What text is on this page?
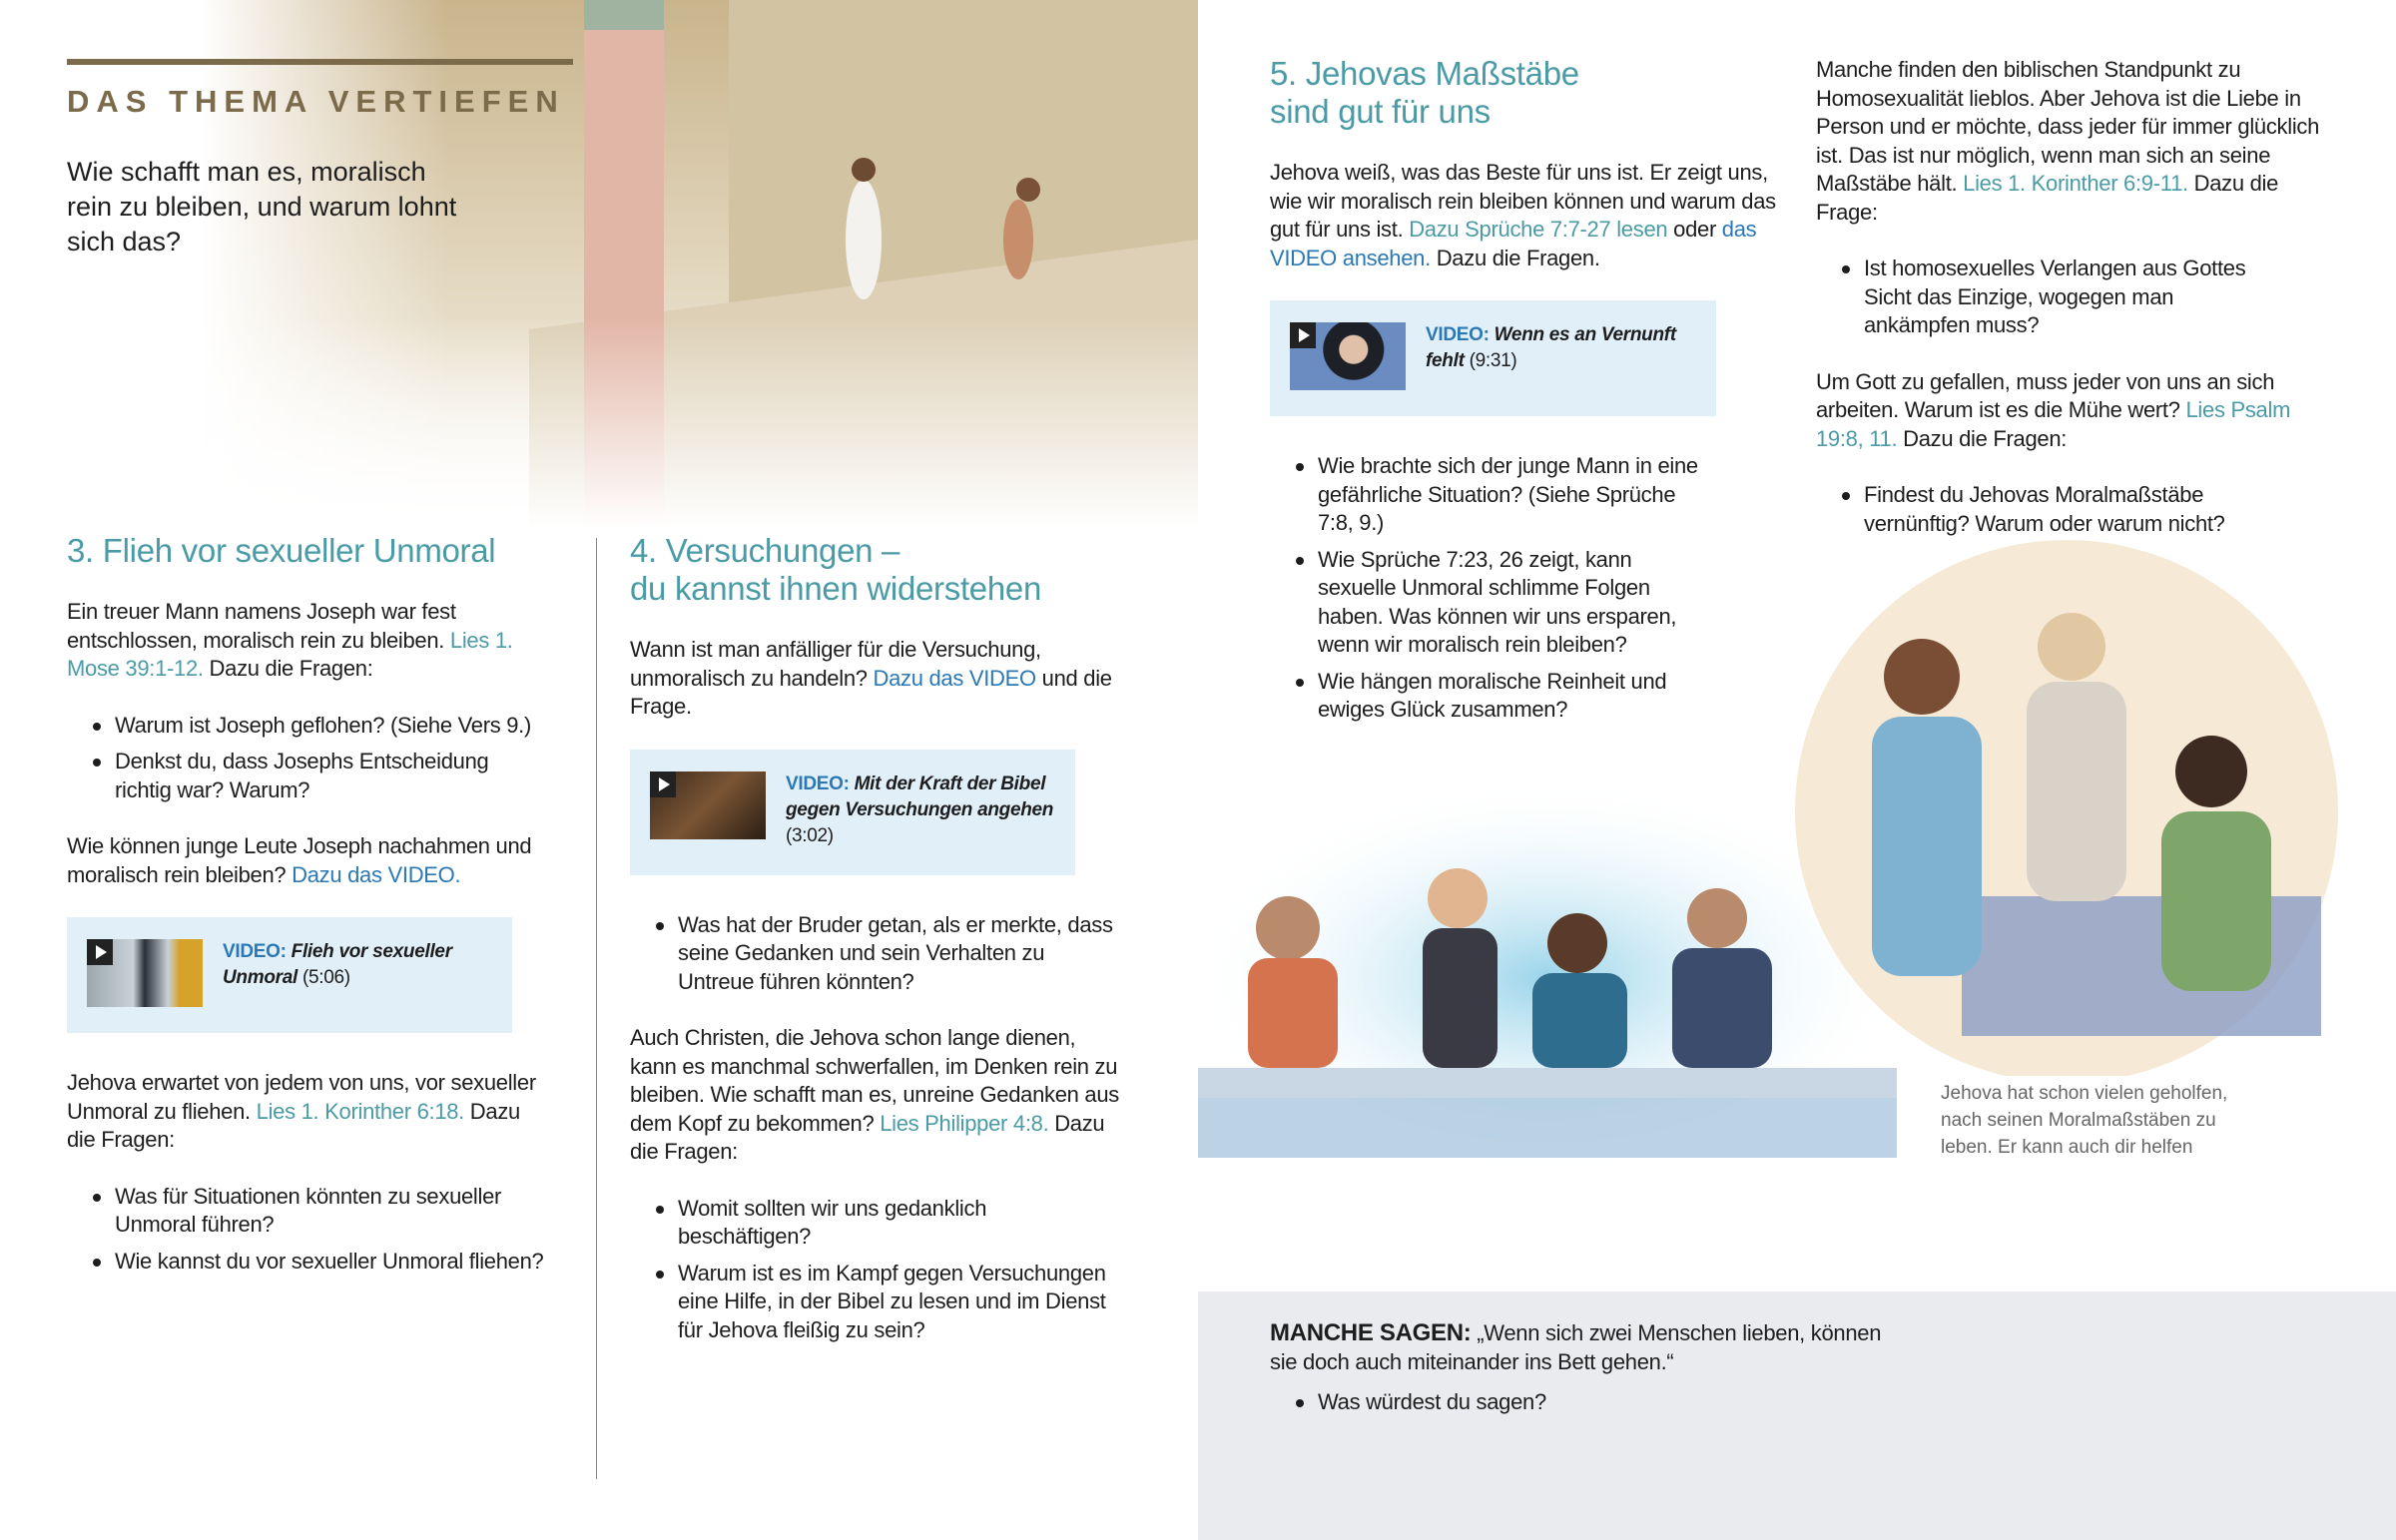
DAS THEMA VERTIEFEN
Wie schafft man es, moralisch rein zu bleiben, und warum lohnt sich das?
3. Flieh vor sexueller Unmoral

Ein treuer Mann namens Joseph war fest entschlossen, moralisch rein zu bleiben. Lies 1. Mose 39:1-12. Dazu die Fragen:

Warum ist Joseph geflohen? (Siehe Vers 9.)
Denkst du, dass Josephs Entscheidung richtig war? Warum?

Wie können junge Leute Joseph nachahmen und moralisch rein bleiben? Dazu das VIDEO.

VIDEO: Flieh vor sexueller Unmoral (5:06)

Jehova erwartet von jedem von uns, vor sexueller Unmoral zu fliehen. Lies 1. Korinther 6:18. Dazu die Fragen:

Was für Situationen könnten zu sexueller Unmoral führen?
Wie kannst du vor sexueller Unmoral fliehen?
4. Versuchungen –
du kannst ihnen widerstehen

Wann ist man anfälliger für die Versuchung, unmoralisch zu handeln? Dazu das VIDEO und die Frage.

VIDEO: Mit der Kraft der Bibel gegen Versuchungen angehen (3:02)
Was hat der Bruder getan, als er merkte, dass seine Gedanken und sein Verhalten zu Untreue führen könnten?

Auch Christen, die Jehova schon lange dienen, kann es manchmal schwerfallen, im Denken rein zu bleiben. Wie schafft man es, unreine Gedanken aus dem Kopf zu bekommen? Lies Philipper 4:8. Dazu die Fragen:

Womit sollten wir uns gedanklich beschäftigen?
Warum ist es im Kampf gegen Versuchungen eine Hilfe, in der Bibel zu lesen und im Dienst für Jehova fleißig zu sein?	MANCHE SAGEN: „Wenn sich zwei Menschen lieben, können sie doch auch miteinander ins Bett gehen.“

Was würdest du sagen?
Jehova hat schon vielen geholfen, nach seinen Moralmaßstäben zu leben. Er kann auch dir helfen
5. Jehovas Maßstäbe
sind gut für uns

Jehova weiß, was das Beste für uns ist. Er zeigt uns, wie wir moralisch rein bleiben können und warum das gut für uns ist. Dazu Sprüche 7:7-27 lesen oder das VIDEO ansehen. Dazu die Fragen.

VIDEO: Wenn es an Vernunft fehlt (9:31)
Wie brachte sich der junge Mann in eine gefährliche Situation? (Siehe Sprüche 7:8, 9.)
Wie Sprüche 7:23, 26 zeigt, kann sexuelle Unmoral schlimme Folgen haben. Was können wir uns ersparen, wenn wir moralisch rein bleiben?
Wie hängen moralische Reinheit und ewiges Glück zusammen?

Manche finden den biblischen Standpunkt zu Homosexualität lieblos. Aber Jehova ist die Liebe in Person und er möchte, dass jeder für immer glücklich ist. Das ist nur möglich, wenn man sich an seine Maßstäbe hält. Lies 1. Korinther 6:9-11. Dazu die Frage:

Ist homosexuelles Verlangen aus Gottes Sicht das Einzige, wogegen man ankämpfen muss?

Um Gott zu gefallen, muss jeder von uns an sich arbeiten. Warum ist es die Mühe wert? Lies Psalm 19:8, 11. Dazu die Fragen:

Findest du Jehovas Moralmaßstäbe vernünftig? Warum oder warum nicht?
